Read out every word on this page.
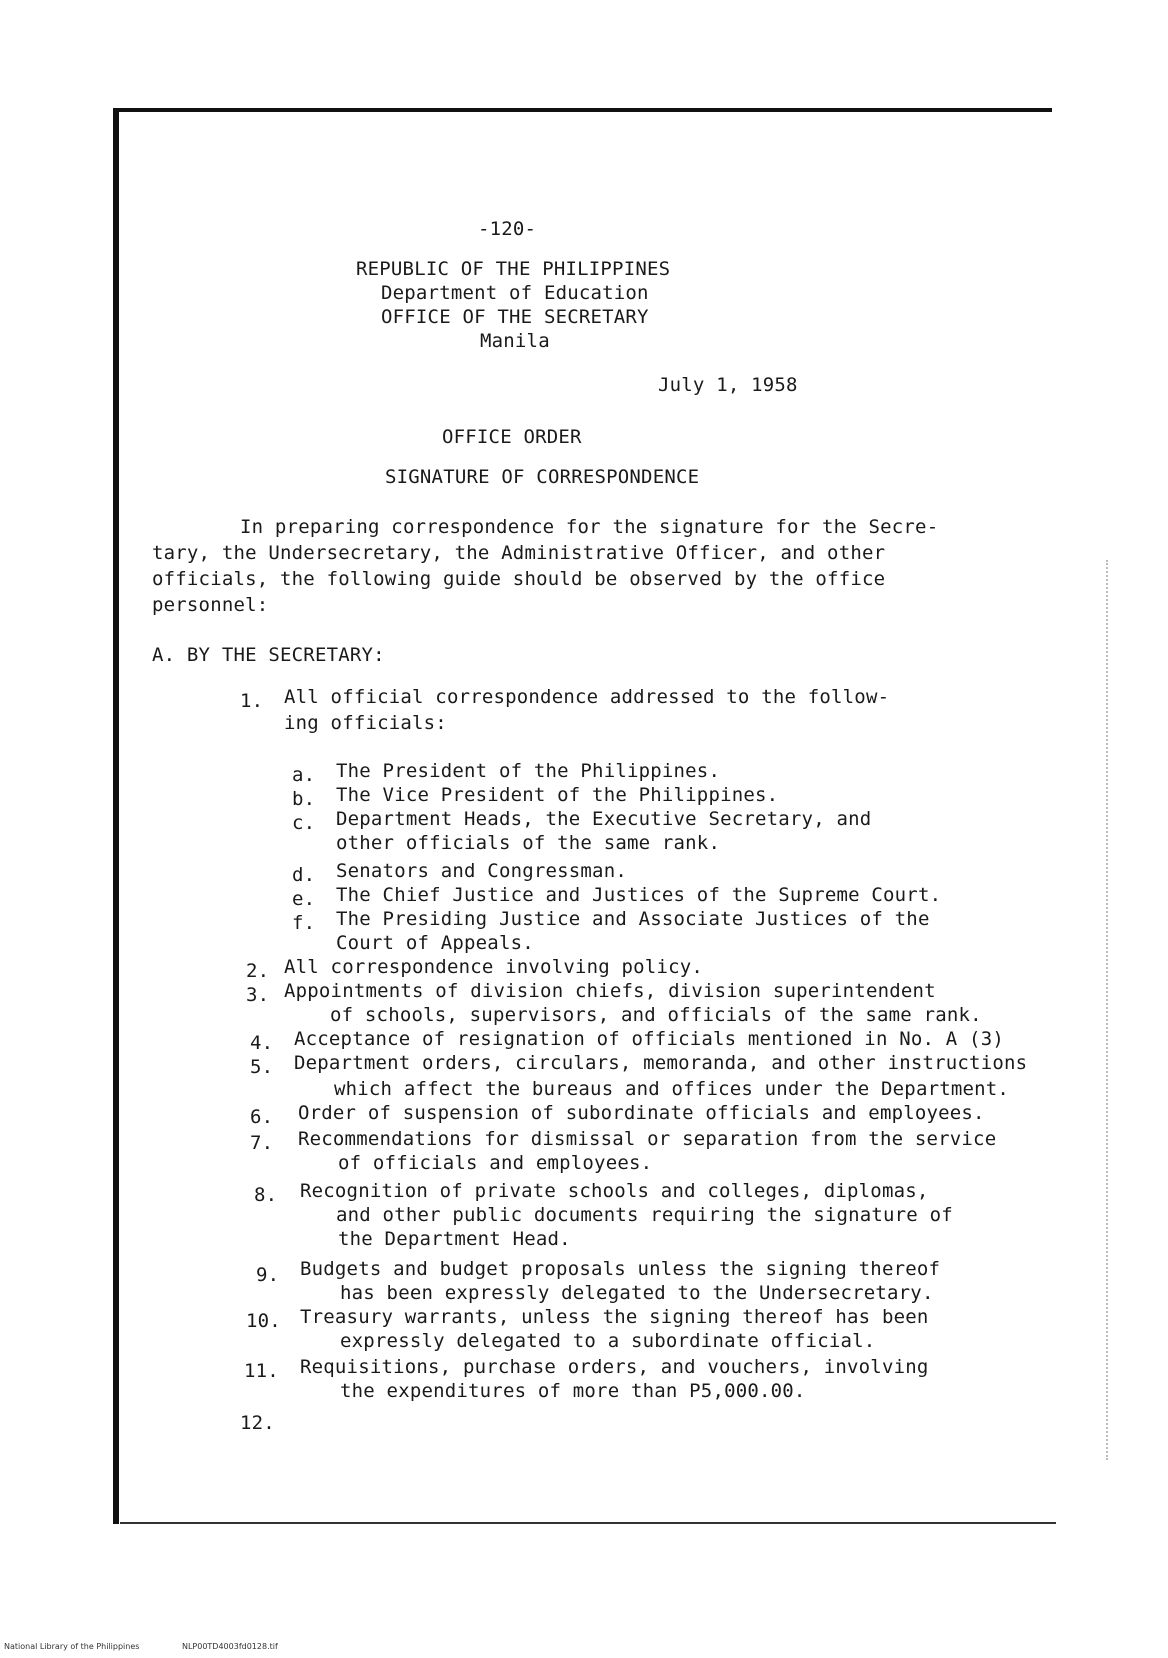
-120-
REPUBLIC OF THE PHILIPPINES
Department of Education
OFFICE OF THE SECRETARY
Manila
July 1, 1958
OFFICE ORDER
SIGNATURE OF CORRESPONDENCE
In preparing correspondence for the signature for the Secre-
tary, the Undersecretary, the Administrative Officer, and other
officials, the following guide should be observed by the office
personnel:
A. BY THE SECRETARY:
1. All official correspondence addressed to the follow-
ing officials:
a. The President of the Philippines.
b. The Vice President of the Philippines.
c. Department Heads, the Executive Secretary, and
other officials of the same rank.
d. Senators and Congressman.
e. The Chief Justice and Justices of the Supreme Court.
f. The Presiding Justice and Associate Justices of the
Court of Appeals.
2. All correspondence involving policy.
3. Appointments of division chiefs, division superintendent
of schools, supervisors, and officials of the same rank.
4. Acceptance of resignation of officials mentioned in No. A (3)
5. Department orders, circulars, memoranda, and other instructions
which affect the bureaus and offices under the Department.
6. Order of suspension of subordinate officials and employees.
7. Recommendations for dismissal or separation from the service
of officials and employees.
8. Recognition of private schools and colleges, diplomas,
and other public documents requiring the signature of
the Department Head.
9. Budgets and budget proposals unless the signing thereof
has been expressly delegated to the Undersecretary.
10. Treasury warrants, unless the signing thereof has been
expressly delegated to a subordinate official.
11. Requisitions, purchase orders, and vouchers, involving
the expenditures of more than P5,000.00.
12.
National Library of the Philippines	NLP00TD4003fd0128.tif
